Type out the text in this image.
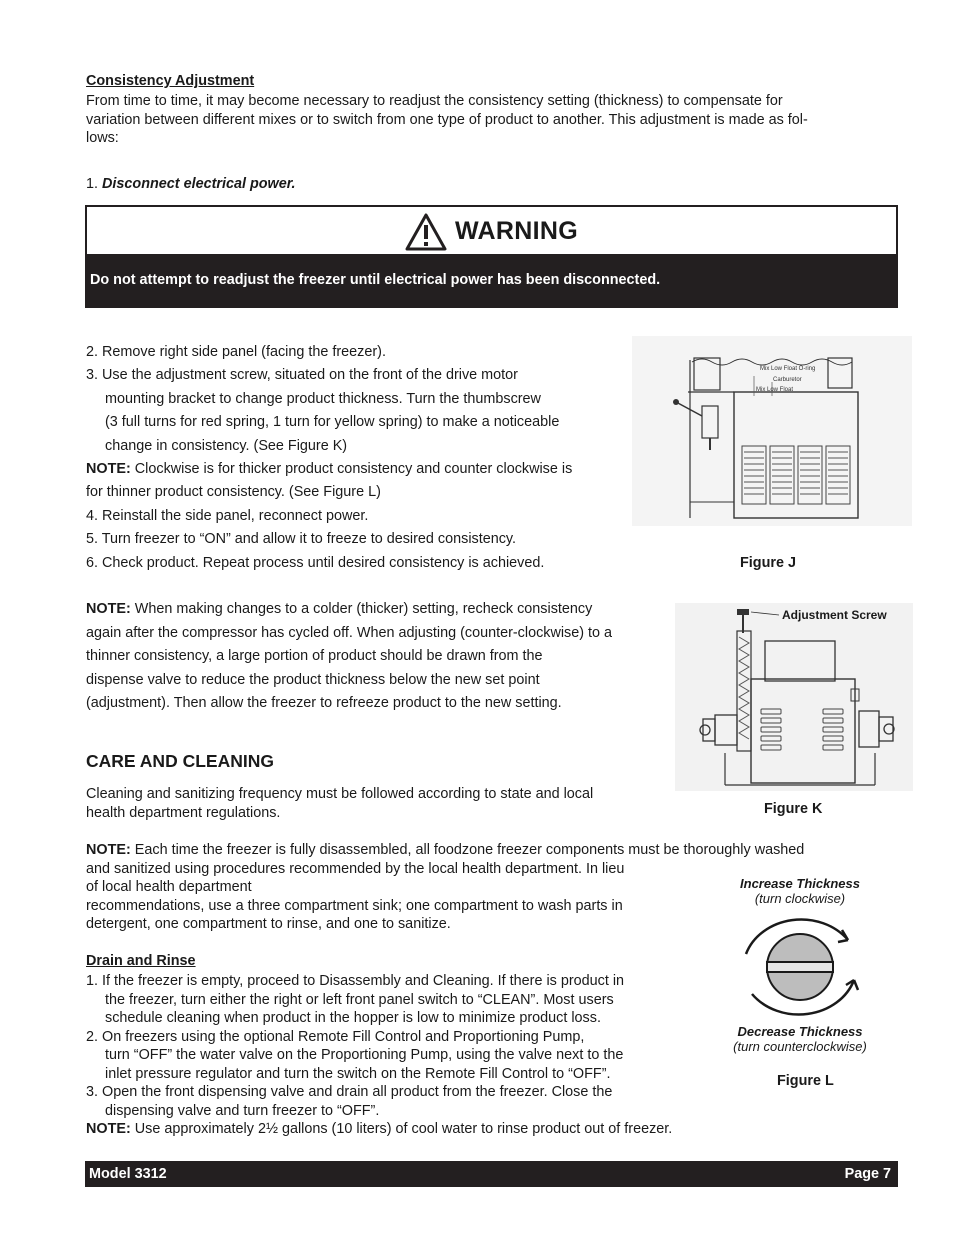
Consistency Adjustment
From time to time, it may become necessary to readjust the consistency setting (thickness) to compensate for
variation between different mixes or to switch from one type of product to another. This adjustment is made as fol-
lows:
1. Disconnect electrical power.
WARNING
Do not attempt to readjust the freezer until electrical power has been disconnected.
2. Remove right side panel (facing the freezer).
3. Use the adjustment screw, situated on the front of the drive motor
mounting bracket to change product thickness. Turn the thumbscrew
(3 full turns for red spring, 1 turn for yellow spring) to make a noticeable
change in consistency. (See Figure K)
NOTE: Clockwise is for thicker product consistency and counter clockwise is
for thinner product consistency. (See Figure L)
4. Reinstall the side panel, reconnect power.
5. Turn freezer to “ON” and allow it to freeze to desired consistency.
6. Check product. Repeat process until desired consistency is achieved.
Mix Low Float O-ring
Carburetor
Mix Low Float
Figure J
NOTE: When making changes to a colder (thicker) setting, recheck consistency
again after the compressor has cycled off. When adjusting (counter-clockwise) to a
thinner consistency, a large portion of product should be drawn from the
dispense valve to reduce the product thickness below the new set point
(adjustment). Then allow the freezer to refreeze product to the new setting.
Adjustment Screw
Figure K
CARE AND CLEANING
Cleaning and sanitizing frequency must be followed according to state and local
health department regulations.
NOTE: Each time the freezer is fully disassembled, all foodzone freezer components must be thoroughly washed
and sanitized using procedures recommended by the local health department. In lieu
of local health department
recommendations, use a three compartment sink; one compartment to wash parts in
detergent, one compartment to rinse, and one to sanitize.
Increase Thickness
(turn clockwise)
Decrease Thickness
(turn counterclockwise)
Figure L
Drain and Rinse
1. If the freezer is empty, proceed to Disassembly and Cleaning. If there is product in
the freezer, turn either the right or left front panel switch to “CLEAN”. Most users
schedule cleaning when product in the hopper is low to minimize product loss.
2. On freezers using the optional Remote Fill Control and Proportioning Pump,
turn “OFF” the water valve on the Proportioning Pump, using the valve next to the
inlet pressure regulator and turn the switch on the Remote Fill Control to “OFF”.
3. Open the front dispensing valve and drain all product from the freezer. Close the
dispensing valve and turn freezer to “OFF”.
NOTE: Use approximately 2½ gallons (10 liters) of cool water to rinse product out of freezer.
Model 3312	Page 7
